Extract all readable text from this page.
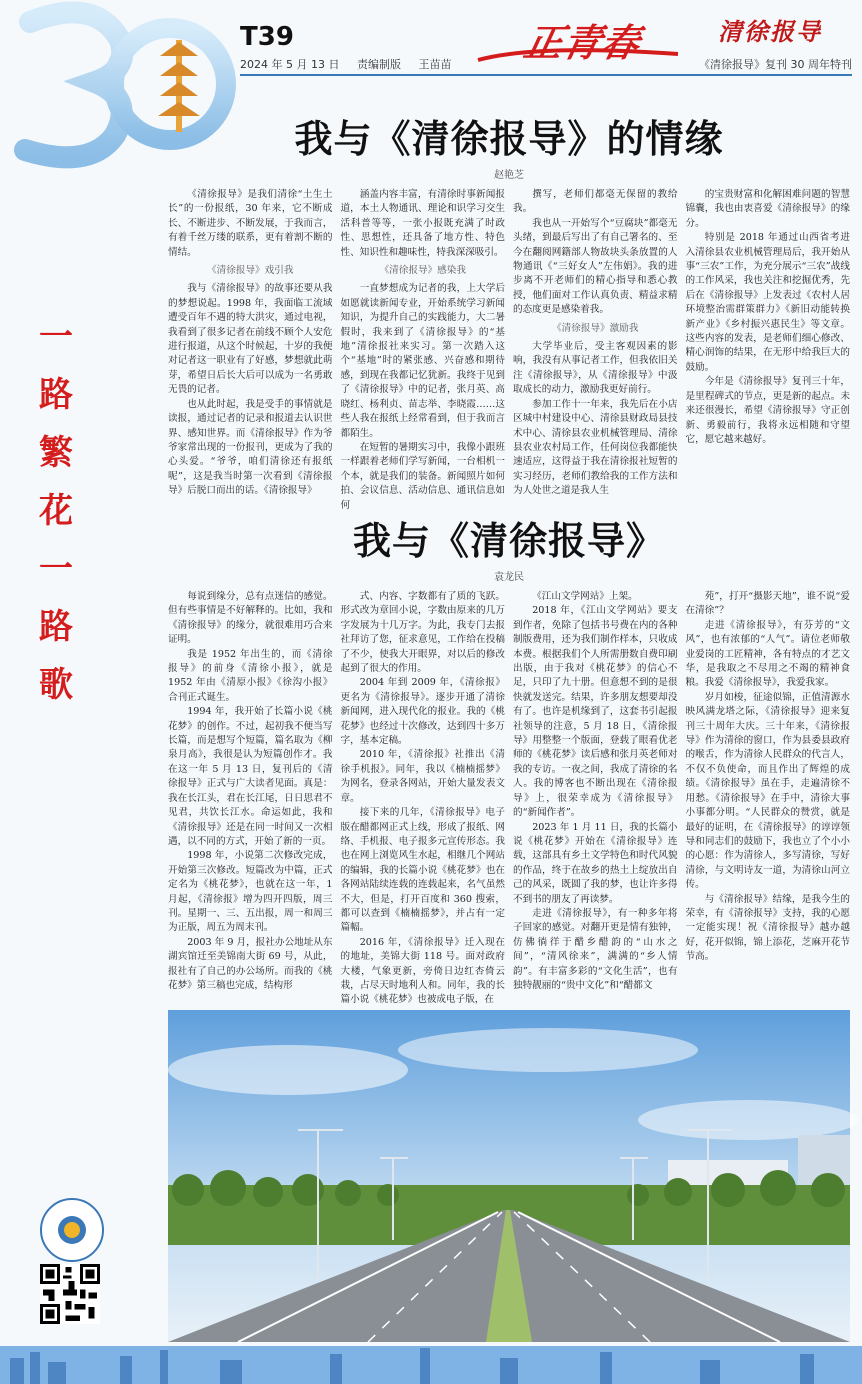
30
T39
2024 年 5 月 13 日 责编制版 王苗苗 正青春	清徐报导
《清徐报导》复刊 30 周年特刊
一
路
繁
花
一
路
歌
我与《清徐报导》的情缘
赵艳芝

《清徐报导》是我们清徐“土生土长”的一份报纸，30 年来，它不断成长、不断进步、不断发展，于我而言，有着千丝万缕的联系，更有着割不断的情结。

《清徐报导》戏引我

我与《清徐报导》的故事还要从我的梦想说起。1998 年，我面临工流域遭受百年不遇的特大洪灾，通过电视，我看到了很多记者在前线不顾个人安危进行报道，从这个时候起，十岁的我便对记者这一职业有了好感，梦想就此萌芽，希望日后长大后可以成为一名勇敢无畏的记者。

也从此时起，我是受手的事情就是读报，通过记者的记录和报道去认识世界、感知世界。而《清徐报导》作为爷爷家常出现的一份报刊，更成为了我的心头爱。“爷爷，咱们清徐还有报纸呢”，这是我当时第一次看到《清徐报导》后脱口而出的话。《清徐报导》

涵盖内容丰富，有清徐时事新闻报道，本土人物通讯、理论和识学习交生活科普等等，一张小报既充满了时政性、思想性，还具备了地方性、特色性、知识性和趣味性，特我深深吸引。

《清徐报导》感染我

一直梦想成为记者的我，上大学后如愿就读新闻专业，开始系统学习新闻知识，为提升自己的实践能力，大二暑假时，我来到了《清徐报导》的“基地”清徐报社来实习。第一次踏入这个“基地”时的紧张感、兴奋感和期待感，到现在我都记忆犹新。我终于见到了《清徐报导》中的记者，张月英、高晓红、杨利贞、苗志举、李晓霞……这些人我在报纸上经常看到，但于我而言都陌生。

在短暂的暑期实习中，我像小跟班一样跟着老师们学写新闻，一台相机一个本，就是我们的装备。新闻照片如何拍、会议信息、活动信息、通讯信息如何

撰写，老师们都毫无保留的教给我。

我也从一开始写个“豆腐块”都毫无头绪，到最后写出了有自己署名的、至今在翻阅网籍部人物故块头条放置的人物通讯《“三好女人”左伟娟》。我的进步离不开老师们的精心指导和悉心教授，他们面对工作认真负责、精益求精的态度更是感染着我。

《清徐报导》激励我

大学毕业后，受主客观因素的影响，我没有从事记者工作，但我依旧关注《清徐报导》，从《清徐报导》中汲取成长的动力，激励我更好前行。

参加工作十一年来，我先后在小店区城中村建设中心、清徐县财政局县技术中心、清徐县农业机械管理局、清徐县农业农村局工作，任何岗位我都能快速适应，这得益于我在清徐报社短暂的实习经历，老师们教给我的工作方法和为人处世之道是我人生

的宝贵财富和化解困难问题的智慧锦囊，我也由衷喜爱《清徐报导》的缘分。

特别是 2018 年通过山西省考进入清徐县农业机械管理局后，我开始从事“三农”工作，为充分展示“三农”战线的工作风采，我也关注和挖掘优秀，先后在《清徐报导》上发表过《农村人居环境整治需群策群力》《新旧动能转换新产业》《乡村振兴惠民生》等文章。这些内容的发表，是老师们细心修改、精心润饰的结果，在无形中给我巨大的鼓励。

今年是《清徐报导》复刊三十年，是里程碑式的节点，更是新的起点。未来还很漫长，希望《清徐报导》守正创新、勇毅前行，我将永远相随和守望它，愿它越来越好。

我与《清徐报导》
袁龙民

每说到缘分，总有点迷信的感觉。但有些事情是不好解释的。比如，我和《清徐报导》的缘分，就很难用巧合来证明。

我是 1952 年出生的，而《清徐报导》的前身《清徐小报》，就是 1952 年由《清原小报》《徐沟小报》合刊正式诞生。

1994 年，我开始了长篇小说《桃花梦》的创作。不过，起初我不便当写长篇，而是想写个短篇，篇名取为《柳泉月高》，我很是认为短篇创作才。我在这一年 5 月 13 日，复刊后的《清徐报导》正式与广大读者见面。真是：我在长江头，君在长江尾，日日思君不见君，共饮长江水。命运如此，我和《清徐报导》还是在同一时间又一次相遇，以不同的方式，开始了新的一页。

1998 年，小说第二次修改完成，开始第三次修改。短篇改为中篇，正式定名为《桃花梦》，也就在这一年，1 月起，《清徐报》增为四开四版，周三刊。星期一、三、五出报，周一和周三为正版，周五为周末刊。

2003 年 9 月，报社办公地址从东湖宾馆迁至美锦南大街 69 号，从此，报社有了自己的办公场所。而我的《桃花梦》第三稿也完成，结构形

式、内容、字数都有了质的飞跃。形式改为章回小说，字数由原来的几万字发展为十几万字。为此，我专门去报社拜访了您，征求意见，工作给在投稿了不少，使我大开眼界，对以后的修改起到了很大的作用。

2004 年到 2009 年，《清徐报》更名为《清徐报导》。逐步开通了清徐新闻网，进入现代化的报业。我的《桃花梦》也经过十次修改，达到四十多万字，基本定稿。

2010 年，《清徐报》社推出《清徐手机报》。同年，我以《楠楠摇梦》为网名，登录各网站，开始大量发表文章。

接下来的几年，《清徐报导》电子版在醋都网正式上线，形成了报纸、网络、手机报、电子报多元宣传形态。我也在网上浏览风生水起，相继几个网站的编辑，我的长篇小说《桃花梦》也在各网站陆续连载的连载起来，名气虽然不大，但是，打开百度和 360 搜索，都可以查到《楠楠摇梦》，并占有一定篇幅。

2016 年，《清徐报导》迁入现在的地址，美锦大街 118 号。面对政府大楼，气象更新，旁倚日边红杏倚云栽，占尽天时地利人和。同年，我的长篇小说《桃花梦》也被成电子版，在

《江山文学网站》上架。

2018 年，《江山文学网站》要支到作者，免除了包括书号费在内的各种制版费用，还为我们制作样本，只收成本费。根据我们个人所需册数自费印刷出版，由于我对《桃花梦》的信心不足，只印了九十册。但意想不到的是很快就发送完。结果，许多朋友想要却没有了。也许是机缘到了，这套书引起报社领导的注意，5 月 18 日，《清徐报导》用整整一个版面，登载了眼看优老师的《桃花梦》读后感和张月英老师对我的专访。一夜之间，我成了清徐的名人。我的博客也不断出现在《清徐报导》上，很荣幸成为《清徐报导》的“新闻作者”。

2023 年 1 月 11 日，我的长篇小说《桃花梦》开始在《清徐报导》连载，这部具有乡土文学特色和时代风貌的作品，终于在故乡的热土上绽放出自己的风采，既圆了我的梦，也让许多得不到书的朋友了再读梦。

走进《清徐报导》，有一种多年将子回家的感觉。对翻开更是情有独钟，仿佛徜徉于醋乡醋韵的“山水之间”，“清风徐来”，满满的“乡人情韵”。有丰富多彩的“文化生活”，也有独特靓丽的“贵中文化”和“醋都文

苑”，打开“摄影天地”，谁不说“爱在清徐”？

走进《清徐报导》，有芬芳的“文风”，也有浓郁的“人气”。请位老师敬业爱岗的工匠精神，各有特点的才艺文华，是我取之不尽用之不竭的精神食粮。我爱《清徐报导》，我爱我家。

岁月如梭，征途似锦，正值清源水映风满龙塔之际，《清徐报导》迎来复刊三十周年大庆。三十年来，《清徐报导》作为清徐的窗口，作为县委县政府的喉舌，作为清徐人民群众的代言人，不仅不负使命，而且作出了辉煌的成绩。《清徐报导》虽在手，走遍清徐不用愁。《清徐报导》在手中，清徐大事小事都分明。“人民群众的赞赏，就是最好的证明，在《清徐报导》的谆谆领导和同志们的鼓励下，我也立了个小小的心愿：作为清徐人，多写清徐，写好清徐，与文明诗友一道，为清徐山河立传。

与《清徐报导》结缘，是我今生的荣幸，有《清徐报导》支持，我的心愿一定能实现！祝《清徐报导》越办越好，花开似锦，锦上添花，芝麻开花节节高。
